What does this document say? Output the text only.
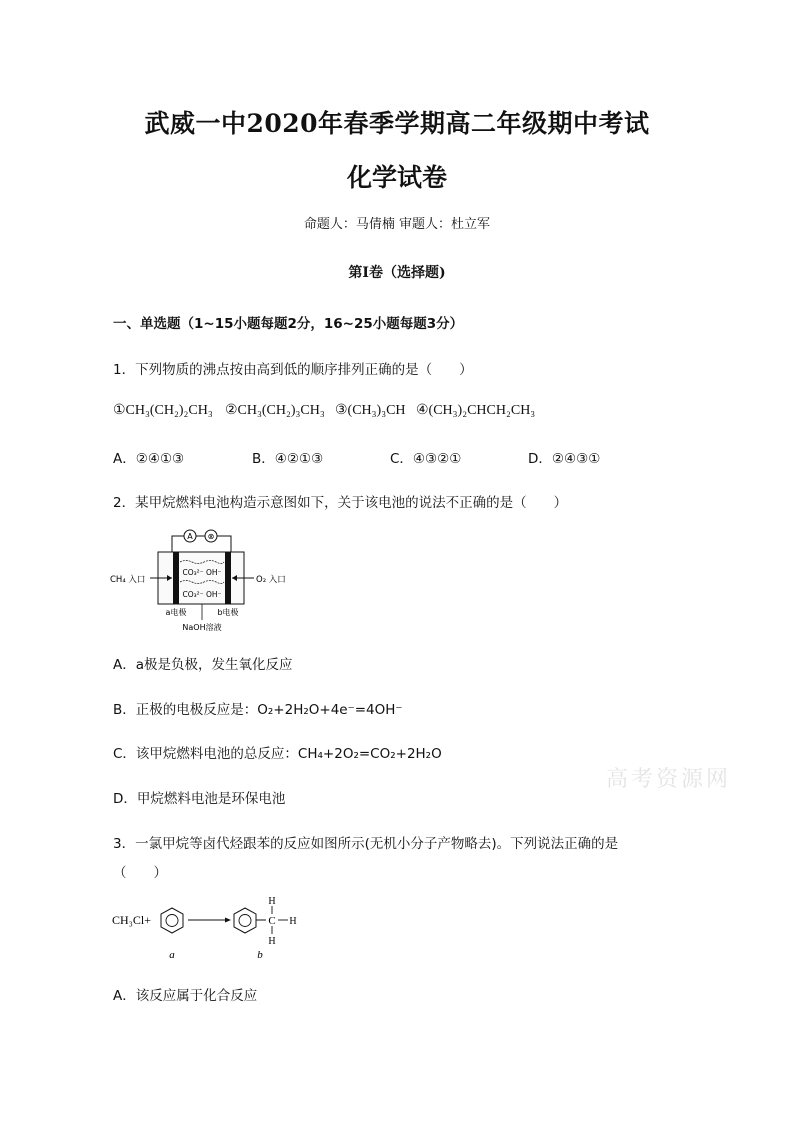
武威一中2020年春季学期高二年级期中考试
化学试卷
命题人：马倩楠 审题人：杜立军
第Ⅰ卷（选择题)
一、单选题（1~15小题每题2分，16~25小题每题3分）
1．下列物质的沸点按由高到低的顺序排列正确的是（　　）
①CH₃(CH₂)₂CH₃ ②CH₃(CH₂)₃CH₃ ③(CH₃)₃CH ④(CH₃)₂CHCH₂CH₃
A．②④①③	B．④②①③	C．④③②①	D．②④③①
2．某甲烷燃料电池构造示意图如下，关于该电池的说法不正确的是（　　）
A ⊗
CO₃²⁻ OH⁻
CO₃²⁻ OH⁻
CH₄ 入口	O₂ 入口
a电极	b电极
NaOH溶液
A．a极是负极，发生氧化反应
B．正极的电极反应是：O₂+2H₂O+4e⁻=4OH⁻
C．该甲烷燃料电池的总反应：CH₄+2O₂=CO₂+2H₂O
D．甲烷燃料电池是环保电池
3．一氯甲烷等卤代烃跟苯的反应如图所示(无机小分子产物略去)。下列说法正确的是
（　　）
CH₃Cl+
H
C H
H
a	b
A．该反应属于化合反应
高考资源网
